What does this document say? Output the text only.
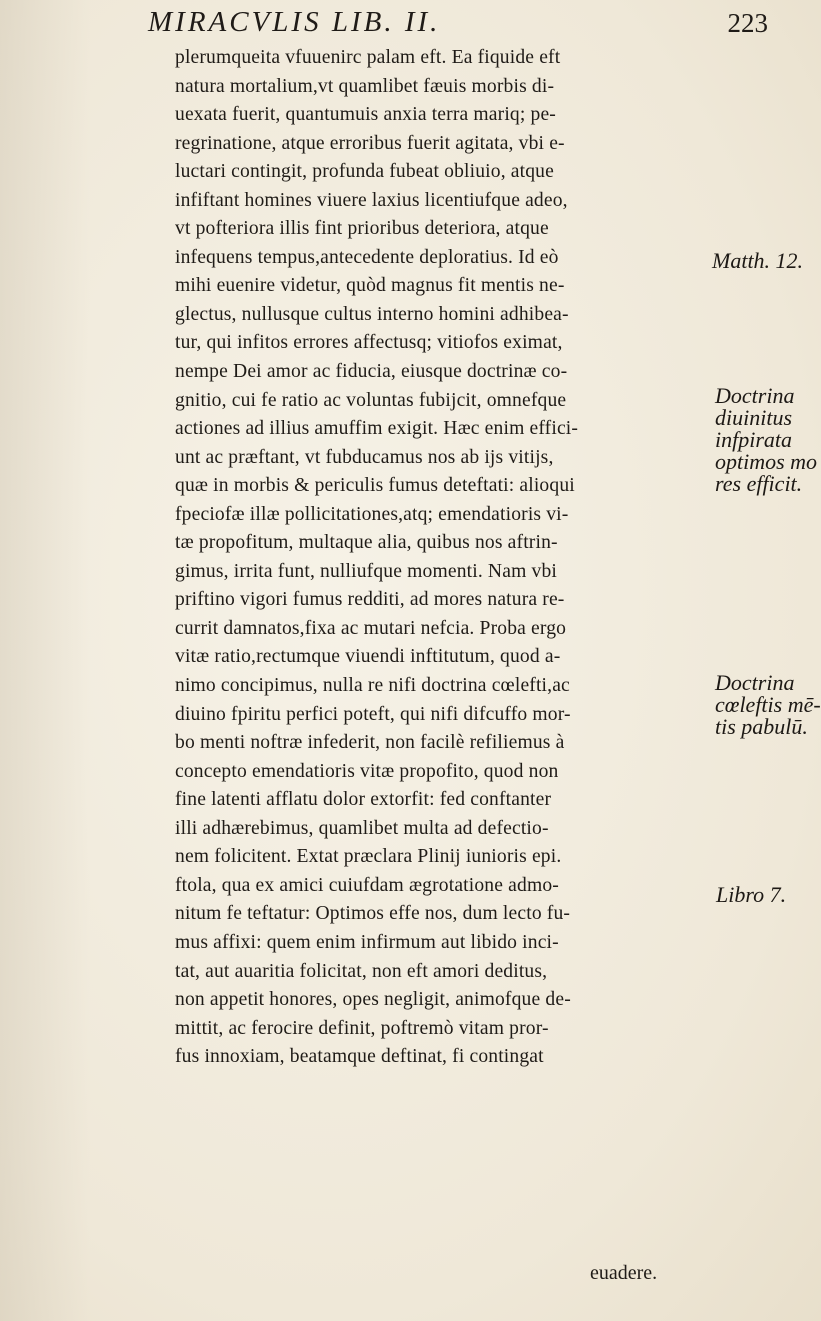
MIRACVLIS LIB. II.	223
plerumqueita vfuuenirc palam eft. Ea fiquide eft
natura mortalium,vt quamlibet fæuis morbis di-
uexata fuerit, quantumuis anxia terra mariq; pe-
regrinatione, atque erroribus fuerit agitata, vbi e-
luctari contingit, profunda fubeat obliuio, atque
infiftant homines viuere laxius licentiufque adeo,
vt pofteriora illis fint prioribus deteriora, atque
infequens tempus,antecedente deploratius. Id eò
mihi euenire videtur, quòd magnus fit mentis ne-
glectus, nullusque cultus interno homini adhibea-
tur, qui infitos errores affectusq; vitiofos eximat,
nempe Dei amor ac fiducia, eiusque doctrinæ co-
gnitio, cui fe ratio ac voluntas fubijcit, omnefque
actiones ad illius amuffim exigit. Hæc enim effici-
unt ac præftant, vt fubducamus nos ab ijs vitijs,
quæ in morbis & periculis fumus deteftati: alioqui
fpeciofæ illæ pollicitationes,atq; emendatioris vi-
tæ propofitum, multaque alia, quibus nos aftrin-
gimus, irrita funt, nulliufque momenti. Nam vbi
priftino vigori fumus redditi, ad mores natura re-
currit damnatos,fixa ac mutari nefcia. Proba ergo
vitæ ratio,rectumque viuendi inftitutum, quod a-
nimo concipimus, nulla re nifi doctrina cœlefti,ac
diuino fpiritu perfici poteft, qui nifi difcuffo mor-
bo menti noftræ infederit, non facilè refiliemus à
concepto emendatioris vitæ propofito, quod non
fine latenti afflatu dolor extorfit: fed conftanter
illi adhærebimus, quamlibet multa ad defectio-
nem folicitent. Extat præclara Plinij iunioris epi.
ftola, qua ex amici cuiufdam ægrotatione admo-
nitum fe teftatur: Optimos effe nos, dum lecto fu-
mus affixi: quem enim infirmum aut libido inci-
tat, aut auaritia folicitat, non eft amori deditus,
non appetit honores, opes negligit, animofque de-
mittit, ac ferocire definit, poftremò vitam pror-
fus innoxiam, beatamque deftinat, fi contingat
euadere.
Matth. 12.
Doctrina
diuinitus
infpirata
optimos mo
res efficit.
Doctrina
cœleftis mē-
tis pabulū.
Libro 7.
